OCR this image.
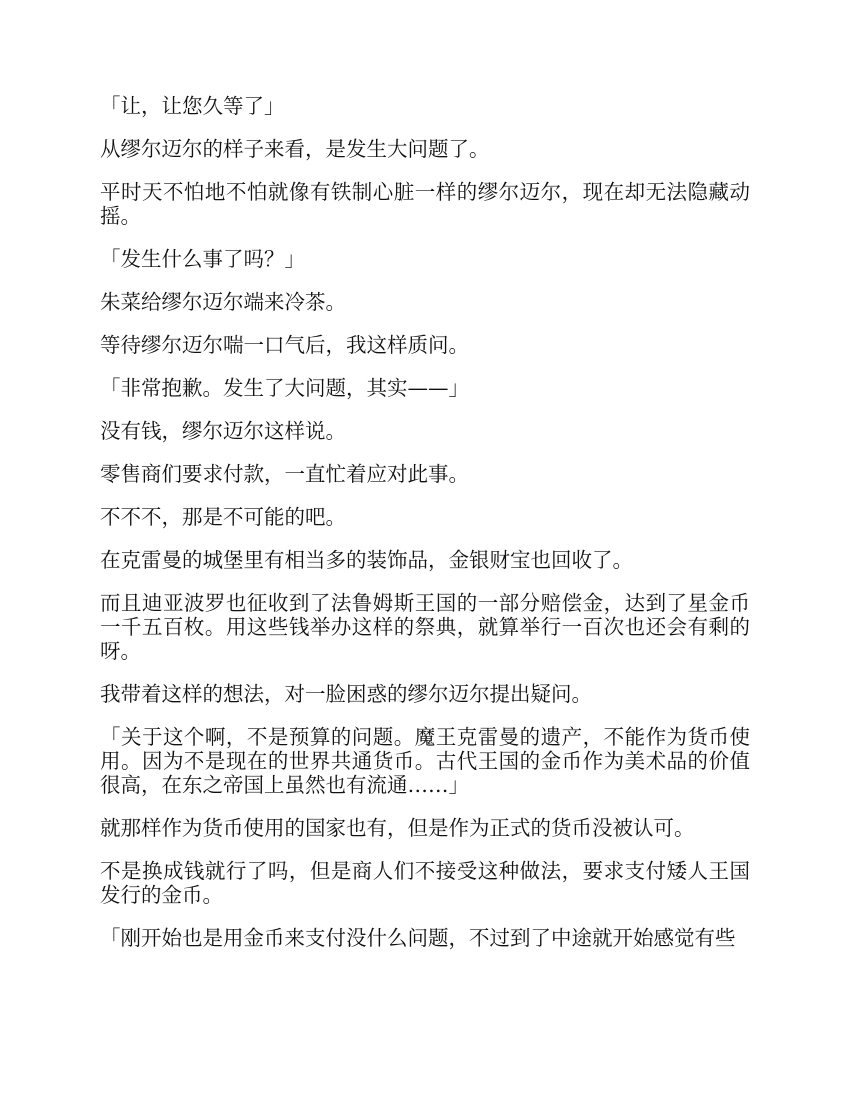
「让，让您久等了」

从缪尔迈尔的样子来看，是发生大问题了。

平时天不怕地不怕就像有铁制心脏一样的缪尔迈尔，现在却无法隐藏动摇。

「发生什么事了吗？」

朱菜给缪尔迈尔端来冷茶。

等待缪尔迈尔喘一口气后，我这样质问。

「非常抱歉。发生了大问题，其实——」

没有钱，缪尔迈尔这样说。

零售商们要求付款，一直忙着应对此事。

不不不，那是不可能的吧。

在克雷曼的城堡里有相当多的装饰品，金银财宝也回收了。

而且迪亚波罗也征收到了法鲁姆斯王国的一部分赔偿金，达到了星金币一千五百枚。用这些钱举办这样的祭典，就算举行一百次也还会有剩的呀。

我带着这样的想法，对一脸困惑的缪尔迈尔提出疑问。

「关于这个啊，不是预算的问题。魔王克雷曼的遗产，不能作为货币使用。因为不是现在的世界共通货币。古代王国的金币作为美术品的价值很高，在东之帝国上虽然也有流通……」

就那样作为货币使用的国家也有，但是作为正式的货币没被认可。

不是换成钱就行了吗，但是商人们不接受这种做法，要求支付矮人王国发行的金币。

「刚开始也是用金币来支付没什么问题，不过到了中途就开始感觉有些
